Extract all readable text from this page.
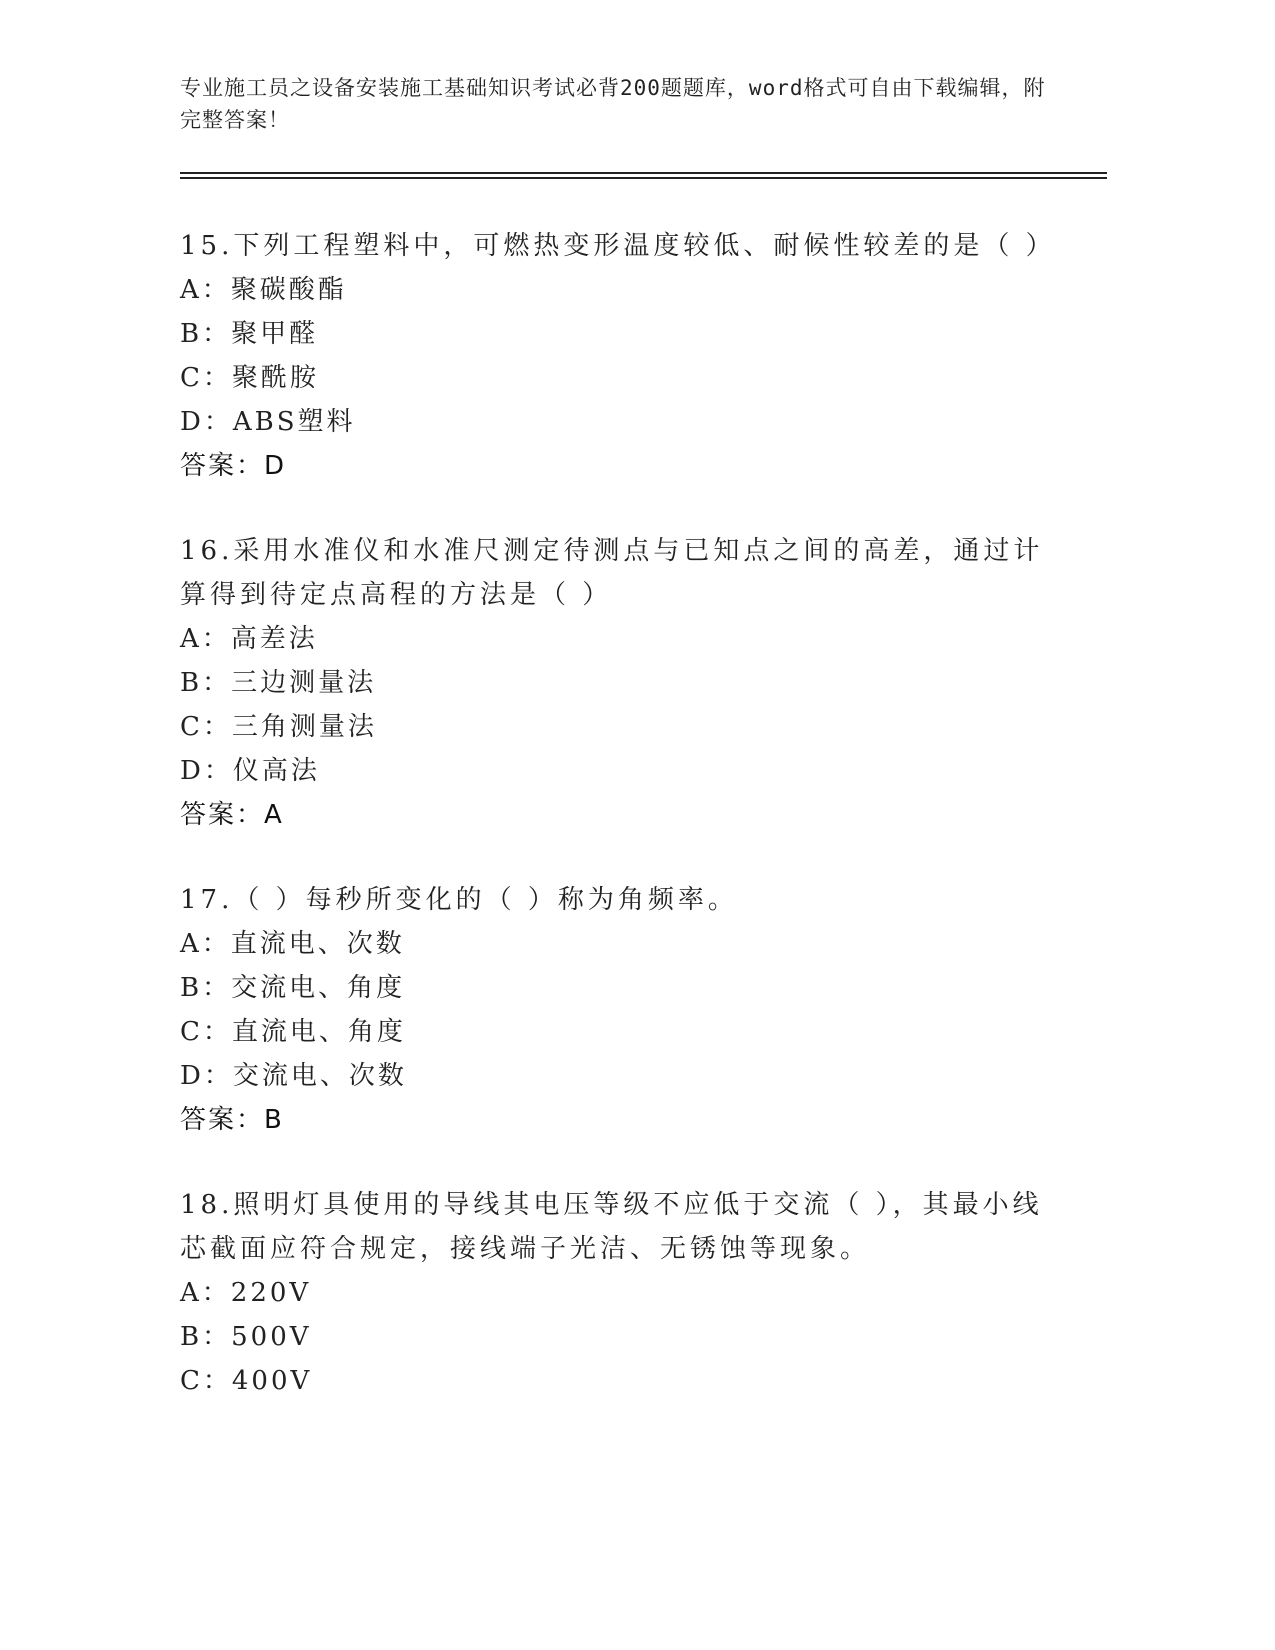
专业施工员之设备安装施工基础知识考试必背200题题库，word格式可自由下载编辑，附完整答案！

15.下列工程塑料中，可燃热变形温度较低、耐候性较差的是（ ）

A：聚碳酸酯

B：聚甲醛

C：聚酰胺

D：ABS塑料

答案：D

16.采用水准仪和水准尺测定待测点与已知点之间的高差，通过计算得到待定点高程的方法是（ ）

A：高差法

B：三边测量法

C：三角测量法

D：仪高法

答案：A

17.（ ）每秒所变化的（ ）称为角频率。

A：直流电、次数

B：交流电、角度

C：直流电、角度

D：交流电、次数

答案：B

18.照明灯具使用的导线其电压等级不应低于交流（ ），其最小线芯截面应符合规定，接线端子光洁、无锈蚀等现象。

A：220V

B：500V

C：400V
